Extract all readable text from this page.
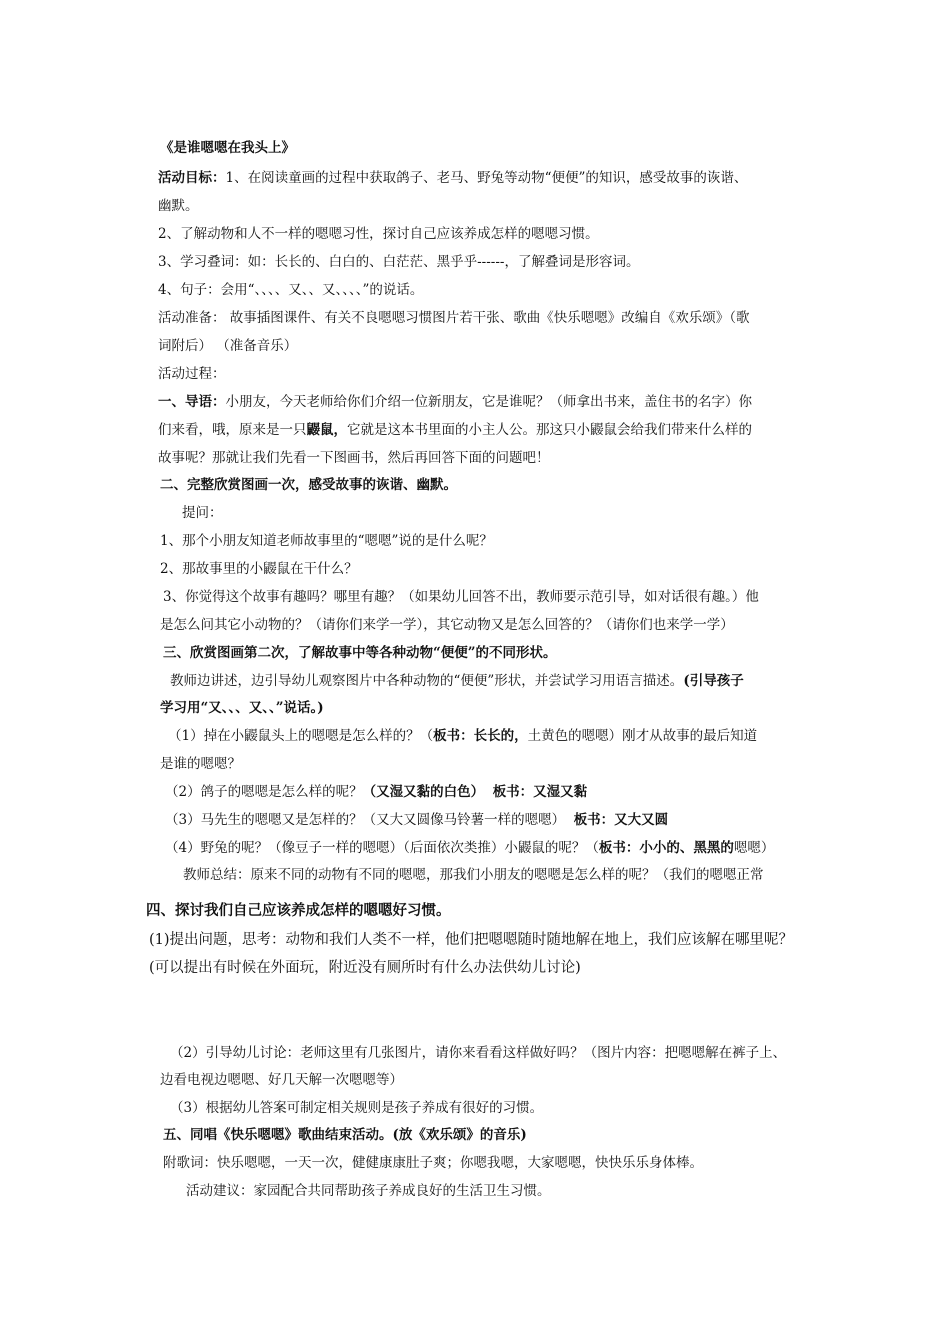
《是谁嗯嗯在我头上》
活动目标：1、在阅读童画的过程中获取鸽子、老马、野兔等动物“便便”的知识，感受故事的诙谐、
幽默。
2、了解动物和人不一样的嗯嗯习性，探讨自己应该养成怎样的嗯嗯习惯。
3、学习叠词：如：长长的、白白的、白茫茫、黑乎乎------，了解叠词是形容词。
4、句子：会用“、、、、又、、又、、、、”的说话。
活动准备： 故事插图课件、有关不良嗯嗯习惯图片若干张、歌曲《快乐嗯嗯》改编自《欢乐颂》（歌
词附后） （准备音乐）
活动过程：
一、导语：小朋友，今天老师给你们介绍一位新朋友，它是谁呢？（师拿出书来，盖住书的名字）你
们来看，哦，原来是一只鼹鼠，它就是这本书里面的小主人公。那这只小鼹鼠会给我们带来什么样的
故事呢？那就让我们先看一下图画书，然后再回答下面的问题吧！
二、完整欣赏图画一次，感受故事的诙谐、幽默。
提问：
1、那个小朋友知道老师故事里的“嗯嗯”说的是什么呢？
2、那故事里的小鼹鼠在干什么？
3、你觉得这个故事有趣吗？哪里有趣？（如果幼儿回答不出，教师要示范引导，如对话很有趣。）他
是怎么问其它小动物的？（请你们来学一学），其它动物又是怎么回答的？（请你们也来学一学）
三、欣赏图画第二次，了解故事中等各种动物“便便”的不同形状。
教师边讲述，边引导幼儿观察图片中各种动物的“便便”形状，并尝试学习用语言描述。(引导孩子
学习用“又、、、又、、”说话。)
（1）掉在小鼹鼠头上的嗯嗯是怎么样的？（板书：长长的，土黄色的嗯嗯）刚才从故事的最后知道
是谁的嗯嗯？
（2）鸽子的嗯嗯是怎么样的呢？（又湿又黏的白色） 板书：又湿又黏
（3）马先生的嗯嗯又是怎样的？（又大又圆像马铃薯一样的嗯嗯） 板书：又大又圆
（4）野兔的呢？（像豆子一样的嗯嗯）（后面依次类推）小鼹鼠的呢？（板书：小小的、黑黑的嗯嗯）
教师总结：原来不同的动物有不同的嗯嗯，那我们小朋友的嗯嗯是怎么样的呢？（我们的嗯嗯正常
四、探讨我们自己应该养成怎样的嗯嗯好习惯。
(1)提出问题，思考：动物和我们人类不一样，他们把嗯嗯随时随地解在地上，我们应该解在哪里呢？
(可以提出有时候在外面玩，附近没有厕所时有什么办法供幼儿讨论)
（2）引导幼儿讨论：老师这里有几张图片，请你来看看这样做好吗？（图片内容：把嗯嗯解在裤子上、
边看电视边嗯嗯、好几天解一次嗯嗯等）
（3）根据幼儿答案可制定相关规则是孩子养成有很好的习惯。
五、同唱《快乐嗯嗯》歌曲结束活动。(放《欢乐颂》的音乐)
附歌词：快乐嗯嗯，一天一次，健健康康肚子爽；你嗯我嗯，大家嗯嗯，快快乐乐身体棒。
活动建议：家园配合共同帮助孩子养成良好的生活卫生习惯。
